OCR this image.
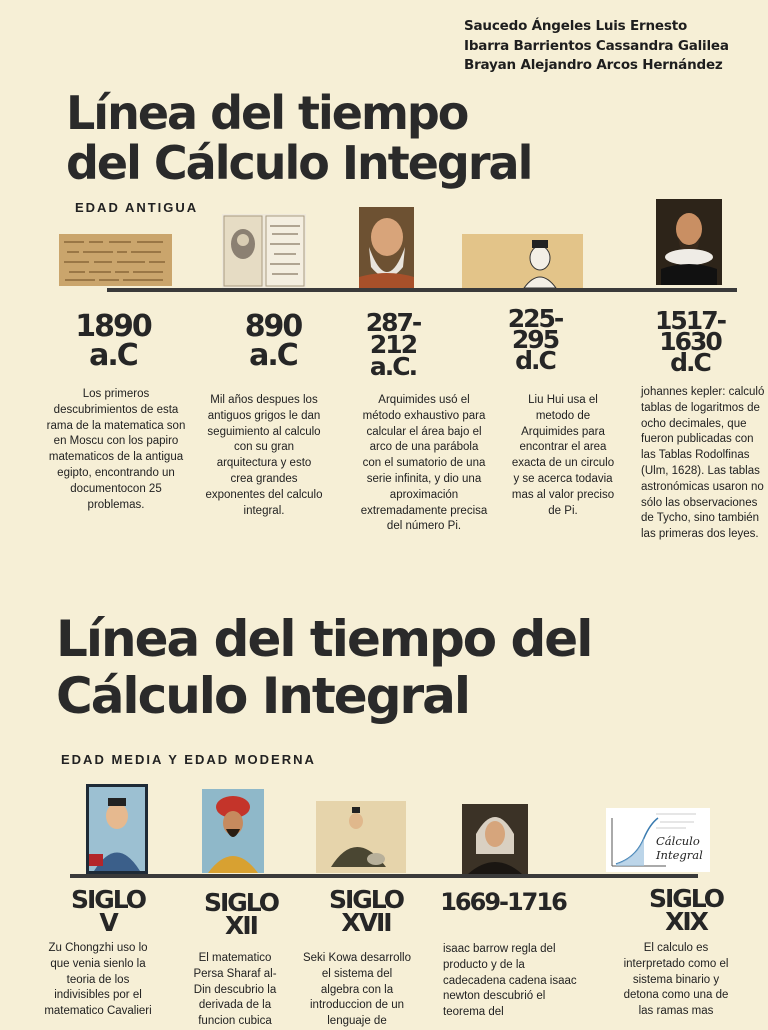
Saucedo Ángeles Luis Ernesto
Ibarra Barrientos Cassandra Galilea
Brayan Alejandro Arcos Hernández
Línea del tiempo
del Cálculo Integral
EDAD ANTIGUA
1890
a.C
890
a.C
287-
212
a.C.
225-
295
d.C
1517-
1630
d.C
Los primeros descubrimientos de esta rama de la matematica son en Moscu con los papiro matematicos de la antigua egipto, encontrando un documentocon 25 problemas.
Mil años despues los antiguos grigos le dan seguimiento al calculo con su gran arquitectura y esto crea grandes exponentes del calculo integral.
Arquimides usó el método exhaustivo para calcular el área bajo el arco de una parábola con el sumatorio de una serie infinita, y dio una aproximación extremadamente precisa del número Pi.
Liu Hui usa el metodo de Arquimides para encontrar el area exacta de un circulo y se acerca todavia mas al valor preciso de Pi.
johannes kepler: calculó tablas de logaritmos de ocho decimales, que fueron publicadas con las Tablas Rodolfinas (Ulm, 1628). Las tablas astronómicas usaron no sólo las observaciones de Tycho, sino también las primeras dos leyes.
Línea del tiempo del
Cálculo Integral
EDAD MEDIA Y EDAD MODERNA
Cálculo Integral
SIGLO
V
SIGLO
XII
SIGLO
XVII
1669-1716	SIGLO
XIX
Zu Chongzhi uso lo que venia sienlo la teoria de los indivisibles por el matematico Cavalieri
El matematico Persa Sharaf al-Din descubrio la derivada de la funcion cubica
Seki Kowa desarrollo el sistema del algebra con la introduccion de un lenguaje de
isaac barrow regla del producto y de la cadecadena cadena isaac newton descubrió el teorema del
El calculo es interpretado como el sistema binario y detona como una de las ramas mas
